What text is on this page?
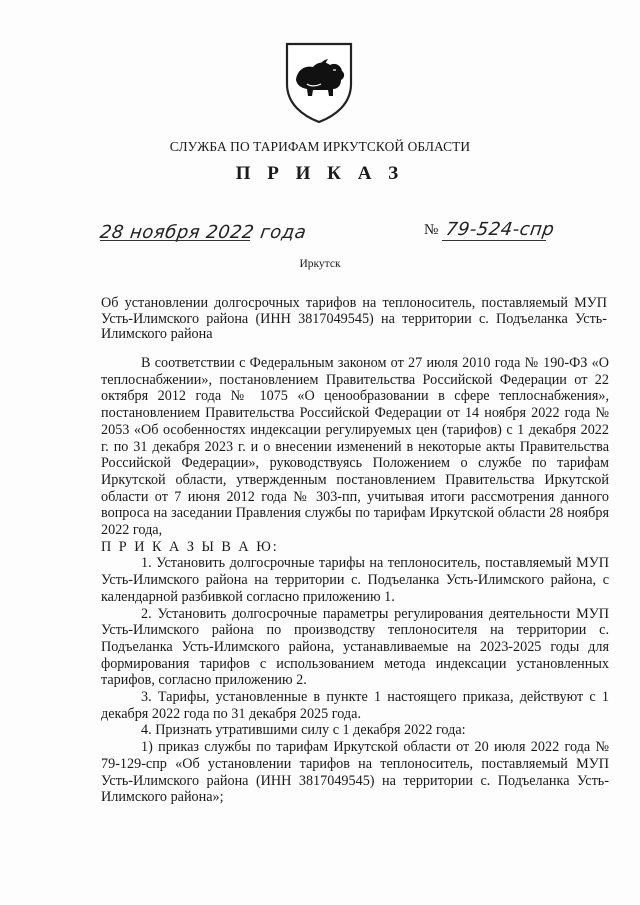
СЛУЖБА ПО ТАРИФАМ ИРКУТСКОЙ ОБЛАСТИ
П Р И К А З
28 ноября 2022 года	№ 79-524-спр
Иркутск
Об установлении долгосрочных тарифов на теплоноситель, поставляемый МУП Усть-Илимского района (ИНН 3817049545) на территории с. Подъеланка Усть-Илимского района

В соответствии с Федеральным законом от 27 июля 2010 года № 190-ФЗ «О теплоснабжении», постановлением Правительства Российской Федерации от 22 октября 2012 года № 1075 «О ценообразовании в сфере теплоснабжения», постановлением Правительства Российской Федерации от 14 ноября 2022 года № 2053 «Об особенностях индексации регулируемых цен (тарифов) с 1 декабря 2022 г. по 31 декабря 2023 г. и о внесении изменений в некоторые акты Правительства Российской Федерации», руководствуясь Положением о службе по тарифам Иркутской области, утвержденным постановлением Правительства Иркутской области от 7 июня 2012 года № 303-пп, учитывая итоги рассмотрения данного вопроса на заседании Правления службы по тарифам Иркутской области 28 ноября 2022 года,

П Р И К А З Ы В А Ю:

1. Установить долгосрочные тарифы на теплоноситель, поставляемый МУП Усть-Илимского района на территории с. Подъеланка Усть-Илимского района, с календарной разбивкой согласно приложению 1.

2. Установить долгосрочные параметры регулирования деятельности МУП Усть-Илимского района по производству теплоносителя на территории с. Подъеланка Усть-Илимского района, устанавливаемые на 2023-2025 годы для формирования тарифов с использованием метода индексации установленных тарифов, согласно приложению 2.

3. Тарифы, установленные в пункте 1 настоящего приказа, действуют с 1 декабря 2022 года по 31 декабря 2025 года.

4. Признать утратившими силу с 1 декабря 2022 года:

1) приказ службы по тарифам Иркутской области от 20 июля 2022 года № 79-129-спр «Об установлении тарифов на теплоноситель, поставляемый МУП Усть-Илимского района (ИНН 3817049545) на территории с. Подъеланка Усть-Илимского района»;
